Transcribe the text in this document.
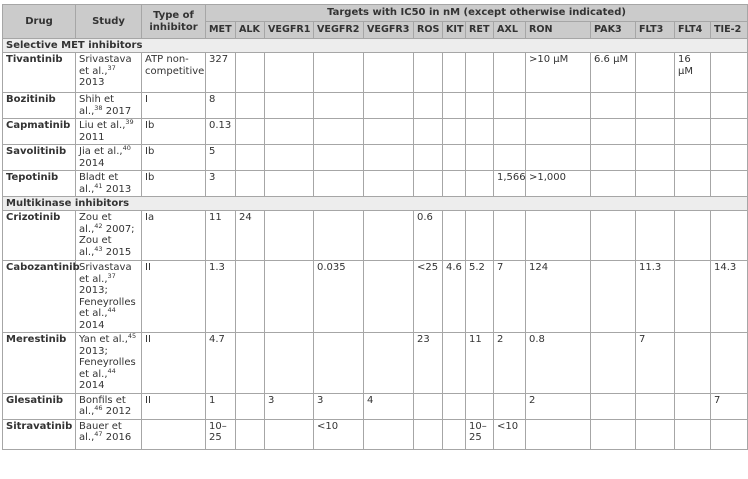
Drug	Study	Type of inhibitor	Targets with IC50 in nM (except otherwise indicated)													
			MET	ALK	VEGFR1	VEGFR2	VEGFR3	ROS	KIT	RET	AXL	RON	PAK3	FLT3	FLT4	TIE-2
Selective MET inhibitors																
Tivantinib	Srivastava et al.,$^{37}$ 2013	ATP non-competitive	327									>10 μM	6.6 μM		16 μM	
Bozitinib	Shih et al.,$^{38}$ 2017	I	8													
Capmatinib	Liu et al.,$^{39}$ 2011	Ib	0.13													
Savolitinib	Jia et al.,$^{40}$ 2014	Ib	5													
Tepotinib	Bladt et al.,$^{41}$ 2013	Ib	3								1,566	>1,000				
Multikinase inhibitors																
Crizotinib	Zou et al.,$^{42}$ 2007; Zou et al.,$^{43}$ 2015	Ia	11	24				0.6								
Cabozantinib	Srivastava et al.,$^{37}$ 2013; Feneyrolles et al.,$^{44}$ 2014	II	1.3			0.035		<25	4.6	5.2	7	124		11.3		14.3
Merestinib	Yan et al.,$^{45}$ 2013; Feneyrolles et al.,$^{44}$ 2014	II	4.7					23		11	2	0.8		7		
Glesatinib	Bonfils et al.,$^{46}$ 2012	II	1		3	3	4					2				7
Sitravatinib	Bauer et al.,$^{47}$ 2016		10–25			<10				10–25	<10					
